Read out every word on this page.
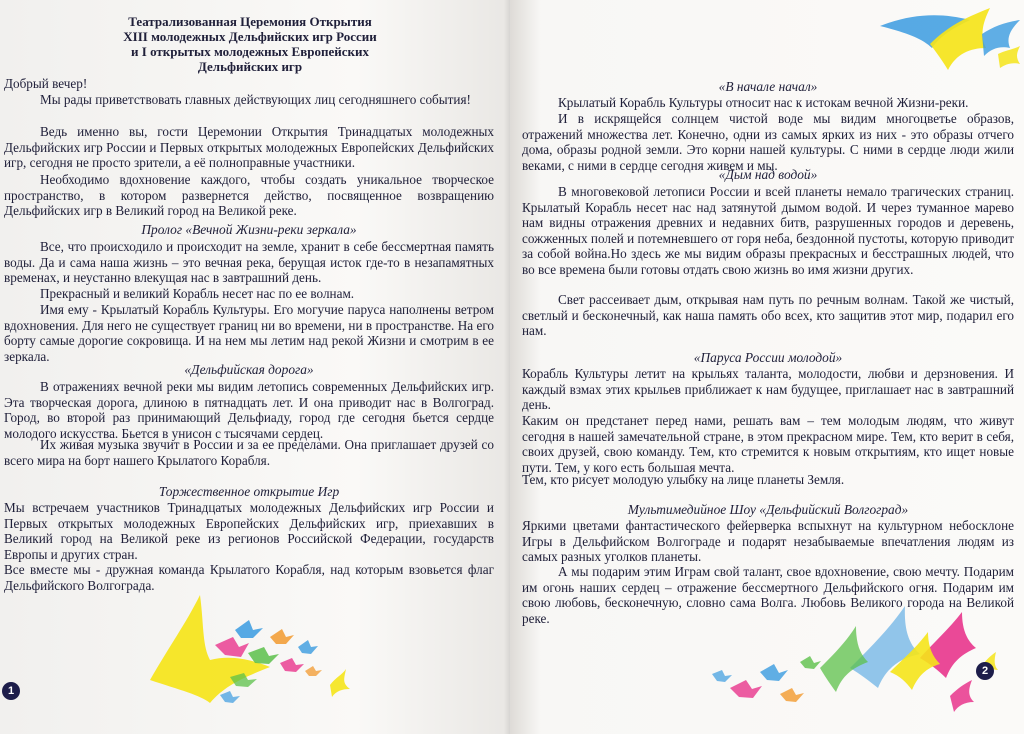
Театрализованная Церемония Открытия
XIII молодежных Дельфийских игр России
и I открытых молодежных Европейских
Дельфийских игр
Добрый вечер!
Мы рады приветствовать главных действующих лиц сегодняшнего события!
Ведь именно вы, гости Церемонии Открытия Тринадцатых молодежных Дельфийских игр России и Первых открытых молодежных Европейских Дельфийских игр, сегодня не просто зрители, а её полноправные участники.
Необходимо вдохновение каждого, чтобы создать уникальное творческое пространство, в котором развернется действо, посвященное возвращению Дельфийских игр в Великий город на Великой реке.
Пролог «Вечной Жизни-реки зеркала»
Все, что происходило и происходит на земле, хранит в себе бессмертная память воды. Да и сама наша жизнь – это вечная река, берущая исток где-то в незапамятных временах, и неустанно влекущая нас в завтрашний день.
Прекрасный и великий Корабль несет нас по ее волнам.
Имя ему - Крылатый Корабль Культуры. Его могучие паруса наполнены ветром вдохновения. Для него не существует границ ни во времени, ни в пространстве. На его борту самые дорогие сокровища. И на нем мы летим над рекой Жизни и смотрим в ее зеркала.
«Дельфийская дорога»
В отражениях вечной реки мы видим летопись современных Дельфийских игр. Эта творческая дорога, длиною в пятнадцать лет. И она приводит нас в Волгоград. Город, во второй раз принимающий Дельфиаду, город где сегодня бьется сердце молодого искусства. Бьется в унисон с тысячами сердец.
Их живая музыка звучит в России и за ее пределами. Она приглашает друзей со всего мира на борт нашего Крылатого Корабля.
Торжественное открытие Игр
Мы встречаем участников Тринадцатых молодежных Дельфийских игр России и Первых открытых молодежных Европейских Дельфийских игр, приехавших в Великий город на Великой реке из регионов Российской Федерации, государств Европы и других стран.
Все вместе мы - дружная команда Крылатого Корабля, над которым взовьется флаг Дельфийского Волгограда.
1
«В начале начал»
Крылатый Корабль Культуры относит нас к истокам вечной Жизни-реки.
И в искрящейся солнцем чистой воде мы видим многоцветье образов, отражений множества лет. Конечно, одни из самых ярких из них - это образы отчего дома, образы родной земли. Это корни нашей культуры. С ними в сердце люди жили веками, с ними в сердце сегодня живем и мы.
«Дым над водой»
В многовековой летописи России и всей планеты немало трагических страниц. Крылатый Корабль несет нас над затянутой дымом водой. И через туманное марево нам видны отражения древних и недавних битв, разрушенных городов и деревень, сожженных полей и потемневшего от горя неба, бездонной пустоты, которую приводит за собой война.Но здесь же мы видим образы прекрасных и бесстрашных людей, что во все времена были готовы отдать свою жизнь во имя жизни других.
Свет рассеивает дым, открывая нам путь по речным волнам. Такой же чистый, светлый и бесконечный, как наша память обо всех, кто защитив этот мир, подарил его нам.
«Паруса России молодой»
Корабль Культуры летит на крыльях таланта, молодости, любви и дерзновения. И каждый взмах этих крыльев приближает к нам будущее, приглашает нас в завтрашний день.
Каким он предстанет перед нами, решать вам – тем молодым людям, что живут сегодня в нашей замечательной стране, в этом прекрасном мире. Тем, кто верит в себя, своих друзей, свою команду. Тем, кто стремится к новым открытиям, кто ищет новые пути. Тем, у кого есть большая мечта.
Тем, кто рисует молодую улыбку на лице планеты Земля.
Мультимедийное Шоу «Дельфийский Волгоград»
Яркими цветами фантастического фейерверка вспыхнут на культурном небосклоне Игры в Дельфийском Волгограде и подарят незабываемые впечатления людям из самых разных уголков планеты.
А мы подарим этим Играм свой талант, свое вдохновение, свою мечту. Подарим им огонь наших сердец – отражение бессмертного Дельфийского огня. Подарим им свою любовь, бесконечную, словно сама Волга. Любовь Великого города на Великой реке.
2
